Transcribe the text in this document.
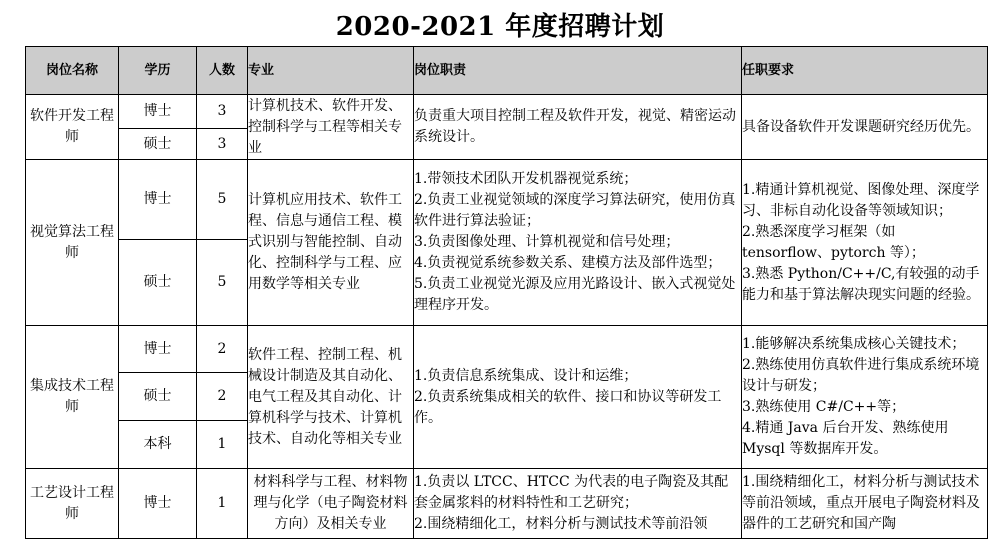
2020-2021 年度招聘计划
岗位名称	学历	人数	专业	岗位职责	任职要求
软件开发工程师	博士	3	计算机技术、软件开发、控制科学与工程等相关专业	负责重大项目控制工程及软件开发，视觉、精密运动系统设计。	具备设备软件开发课题研究经历优先。

	硕士	3			
视觉算法工程师	博士	5	计算机应用技术、软件工程、信息与通信工程、模式识别与智能控制、自动化、控制科学与工程、应用数学等相关专业	1.带领技术团队开发机器视觉系统；
2.负责工业视觉领域的深度学习算法研究，使用仿真软件进行算法验证；
3.负责图像处理、计算机视觉和信号处理；
4.负责视觉系统参数关系、建模方法及部件选型；
5.负责工业视觉光源及应用光路设计、嵌入式视觉处理程序开发。	1.精通计算机视觉、图像处理、深度学习、非标自动化设备等领域知识；
2.熟悉深度学习框架（如 tensorflow、pytorch 等）；
3.熟悉 Python/C++/C,有较强的动手能力和基于算法解决现实问题的经验。

	硕士	5			
集成技术工程师	博士	2	软件工程、控制工程、机械设计制造及其自动化、电气工程及其自动化、计算机科学与技术、计算机技术、自动化等相关专业	1.负责信息系统集成、设计和运维；
2.负责系统集成相关的软件、接口和协议等研发工作。	1.能够解决系统集成核心关键技术；
2.熟练使用仿真软件进行集成系统环境设计与研发；
3.熟练使用 C#/C++等；
4.精通 Java 后台开发、熟练使用 Mysql 等数据库开发。

	硕士	2			
	本科	1			
工艺设计工程师	博士	1	材料科学与工程、材料物理与化学（电子陶瓷材料方向）及相关专业	1.负责以 LTCC、HTCC 为代表的电子陶瓷及其配套金属浆料的材料特性和工艺研究；
2.围绕精细化工，材料分析与测试技术等前沿领	1.围绕精细化工，材料分析与测试技术等前沿领域，重点开展电子陶瓷材料及器件的工艺研究和国产陶
